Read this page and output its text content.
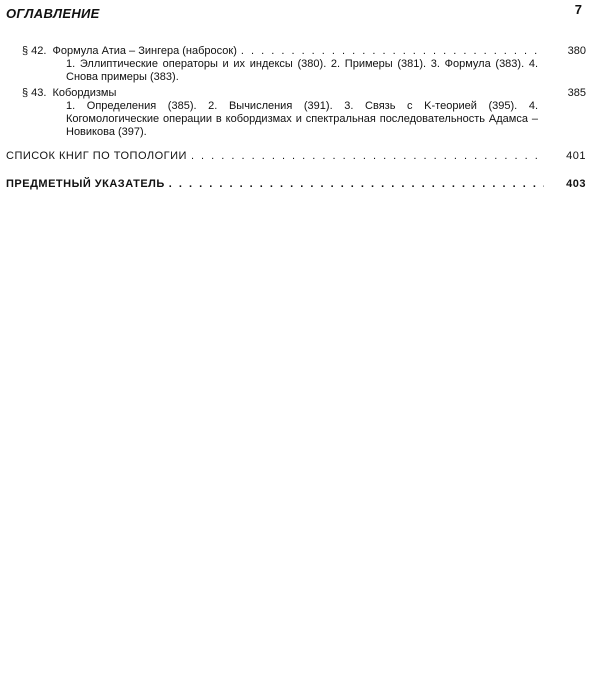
ОГЛАВЛЕНИЕ	7
§ 42. Формула Атиа – Зингера (набросок) . . .	380
1. Эллиптические операторы и их индексы (380). 2. Примеры (381). 3. Формула (383). 4. Снова примеры (383).
§ 43. Кобордизмы	385
1. Определения (385). 2. Вычисления (391). 3. Связь с K-теорией (395). 4. Когомологические операции в кобордизмах и спектральная последовательность Адамса – Новикова (397).
СПИСОК КНИГ ПО ТОПОЛОГИИ . . .	401
ПРЕДМЕТНЫЙ УКАЗАТЕЛЬ . . .	403
